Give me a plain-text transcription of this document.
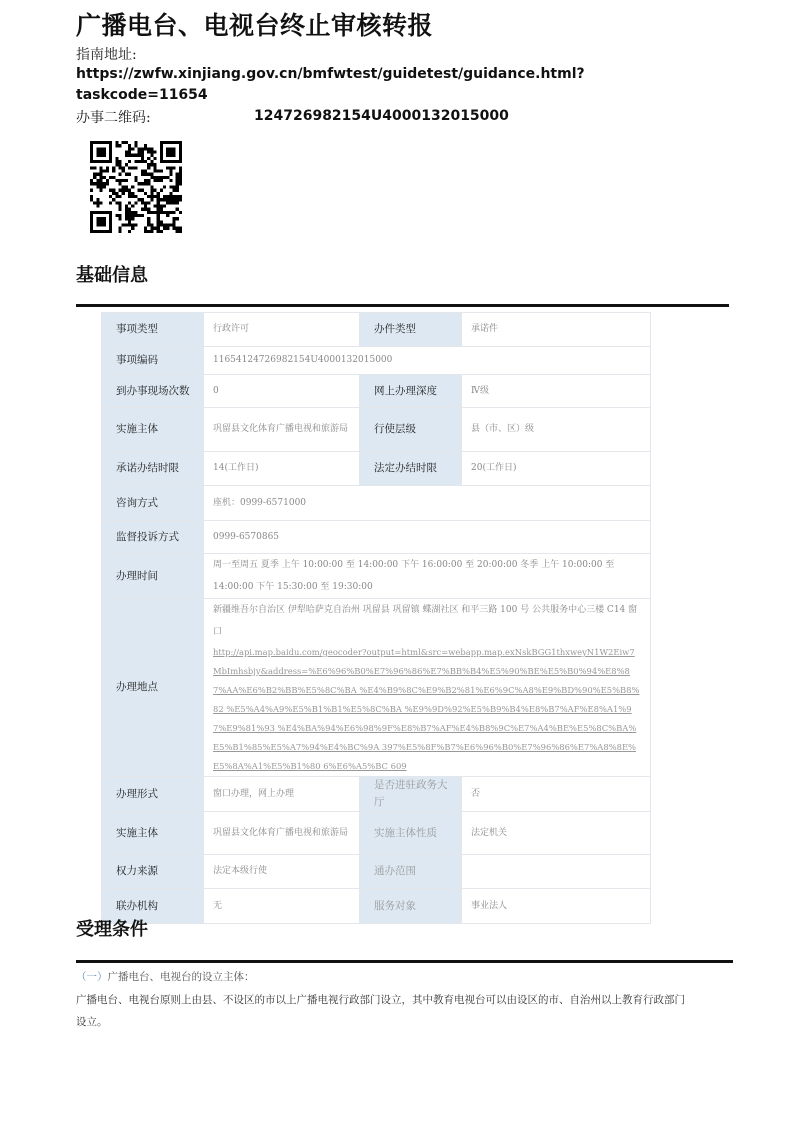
广播电台、电视台终止审核转报
指南地址:
https://zwfw.xinjiang.gov.cn/bmfwtest/guidetest/guidance.html?taskcode=11654
124726982154U4000132015000
办事二维码:
基础信息
事项类型	行政许可	办件类型	承诺件
事项编码	11654124726982154U4000132015000		
到办事现场次数	0	网上办理深度	Ⅳ级
实施主体	巩留县文化体育广播电视和旅游局	行使层级	县（市、区）级
承诺办结时限	14(工作日)	法定办结时限	20(工作日)
咨询方式	座机：0999-6571000		
监督投诉方式	0999-6570865		
办理时间	周一至周五 夏季 上午 10:00:00 至 14:00:00 下午 16:00:00 至 20:00:00 冬季 上午 10:00:00 至 14:00:00 下午 15:30:00 至 19:30:00		
办理地点	新疆维吾尔自治区 伊犁哈萨克自治州 巩留县 巩留镇 蝶湖社区 和平三路 100 号 公共服务中心三楼 C14 窗口
http://api.map.baidu.com/geocoder?output=html&src=webapp.map.exNskBGG1thxweyN1W2Eiw7MbImhsbjy&address=%E6%96%B0%E7%96%86%E7%BB%B4%E5%90%BE%E5%B0%94%E8%87%AA%E6%B2%BB%E5%8C%BA %E4%B9%8C%E9%B2%81%E6%9C%A8%E9%BD%90%E5%B8%82 %E5%A4%A9%E5%B1%B1%E5%8C%BA %E9%9D%92%E5%B9%B4%E8%B7%AF%E8%A1%97%E9%81%93 %E4%BA%94%E6%98%9F%E8%B7%AF%E4%B8%9C%E7%A4%BE%E5%8C%BA%E5%B1%85%E5%A7%94%E4%BC%9A 397%E5%8F%B7%E6%96%B0%E7%96%86%E7%A8%8E%E5%8A%A1%E5%B1%80 6%E6%A5%BC 609		

办理形式	窗口办理，网上办理	是否进驻政务大厅	否
实施主体	巩留县文化体育广播电视和旅游局	实施主体性质	法定机关
权力来源	法定本级行使	通办范围	
联办机构	无	服务对象	事业法人
受理条件
（一）广播电台、电视台的设立主体：
广播电台、电视台原则上由县、不设区的市以上广播电视行政部门设立，其中教育电视台可以由设区的市、自治州以上教育行政部门设立。
